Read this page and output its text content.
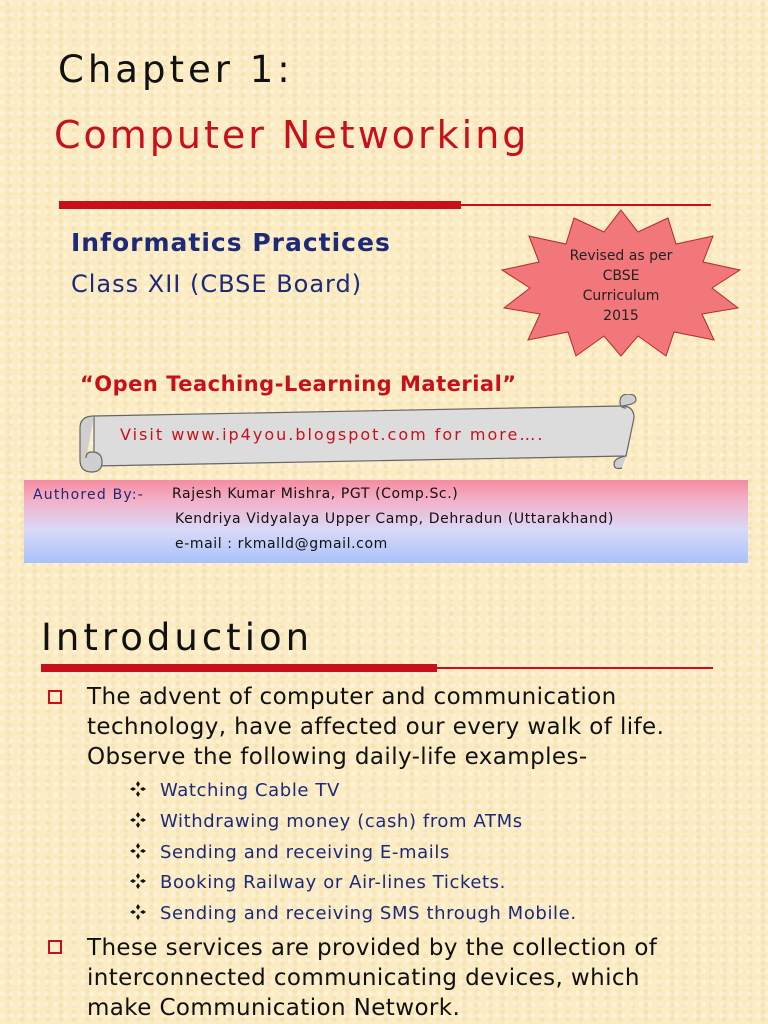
Chapter 1:
Computer Networking
Informatics Practices
Class XII (CBSE Board)
Revised as per
CBSE
Curriculum
2015
“Open Teaching-Learning Material”
Visit www.ip4you.blogspot.com for more….
Authored By:- Rajesh Kumar Mishra, PGT (Comp.Sc.)
Kendriya Vidyalaya Upper Camp, Dehradun (Uttarakhand)
e-mail : rkmalld@gmail.com
Introduction
The advent of computer and communication
technology, have affected our every walk of life.
Observe the following daily-life examples-
Watching Cable TV
Withdrawing money (cash) from ATMs
Sending and receiving E-mails
Booking Railway or Air-lines Tickets.
Sending and receiving SMS through Mobile.
These services are provided by the collection of
interconnected communicating devices, which
make Communication Network.
